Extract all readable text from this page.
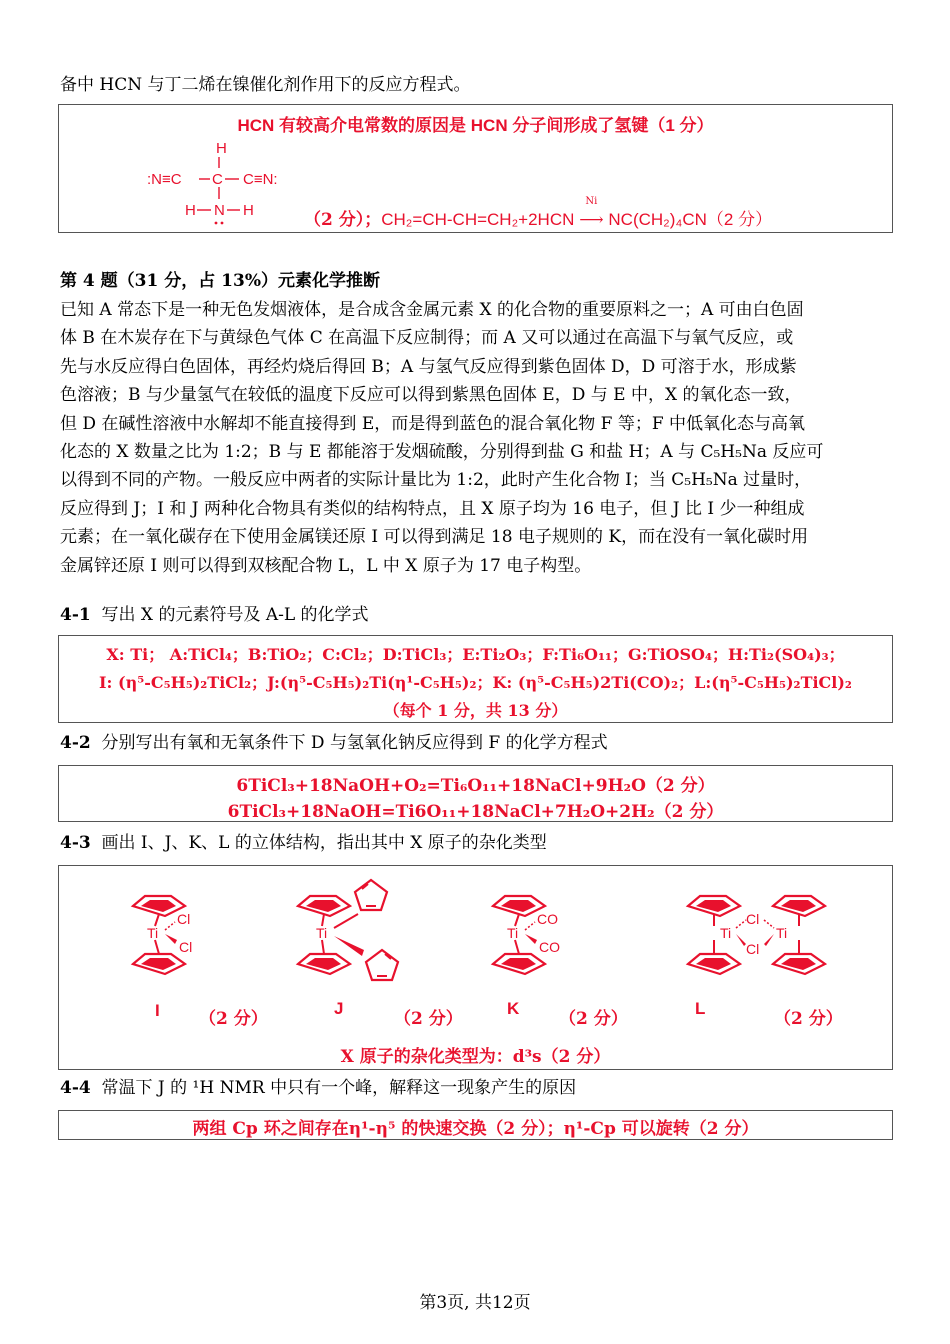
备中 HCN 与丁二烯在镍催化剂作用下的反应方程式。
HCN 有较高介电常数的原因是 HCN 分子间形成了氢键（1 分）
:N≡C C C≡N:
H
H N H	（2 分）；CH₂=CH-CH=CH₂+2HCN
Ni
⟶ NC(CH₂)₄CN（2 分）
第 4 题（31 分，占 13%）元素化学推断
已知 A 常态下是一种无色发烟液体，是合成含金属元素 X 的化合物的重要原料之一；A 可由白色固
体 B 在木炭存在下与黄绿色气体 C 在高温下反应制得；而 A 又可以通过在高温下与氧气反应，或
先与水反应得白色固体，再经灼烧后得回 B；A 与氢气反应得到紫色固体 D，D 可溶于水，形成紫
色溶液；B 与少量氢气在较低的温度下反应可以得到紫黑色固体 E，D 与 E 中，X 的氧化态一致，
但 D 在碱性溶液中水解却不能直接得到 E，而是得到蓝色的混合氧化物 F 等；F 中低氧化态与高氧
化态的 X 数量之比为 1:2；B 与 E 都能溶于发烟硫酸，分别得到盐 G 和盐 H；A 与 C₅H₅Na 反应可
以得到不同的产物。一般反应中两者的实际计量比为 1:2，此时产生化合物 I；当 C₅H₅Na 过量时，
反应得到 J；I 和 J 两种化合物具有类似的结构特点，且 X 原子均为 16 电子，但 J 比 I 少一种组成
元素；在一氧化碳存在下使用金属镁还原 I 可以得到满足 18 电子规则的 K，而在没有一氧化碳时用
金属锌还原 I 则可以得到双核配合物 L，L 中 X 原子为 17 电子构型。
4-1 写出 X 的元素符号及 A-L 的化学式
X: Ti； A:TiCl₄；B:TiO₂；C:Cl₂；D:TiCl₃；E:Ti₂O₃；F:Ti₆O₁₁；G:TiOSO₄；H:Ti₂(SO₄)₃；
I: (η⁵-C₅H₅)₂TiCl₂；J:(η⁵-C₅H₅)₂Ti(η¹-C₅H₅)₂；K: (η⁵-C₅H₅)2Ti(CO)₂；L:(η⁵-C₅H₅)₂TiCl)₂
（每个 1 分，共 13 分）
4-2 分别写出有氧和无氧条件下 D 与氢氧化钠反应得到 F 的化学方程式
6TiCl₃+18NaOH+O₂=Ti₆O₁₁+18NaCl+9H₂O（2 分）
6TiCl₃+18NaOH=Ti6O₁₁+18NaCl+7H₂O+2H₂（2 分）
4-3 画出 I、J、K、L 的立体结构，指出其中 X 原子的杂化类型
Ti
Cl
Cl
Ti	Ti
CO
CO
Ti	Ti
Cl
Cl
I	J	K	L
（2 分）	（2 分）	（2 分）	（2 分）
X 原子的杂化类型为：d³s（2 分）
4-4 常温下 J 的 ¹H NMR 中只有一个峰，解释这一现象产生的原因
两组 Cp 环之间存在η¹-η⁵ 的快速交换（2 分）；η¹-Cp 可以旋转（2 分）
第3页, 共12页
